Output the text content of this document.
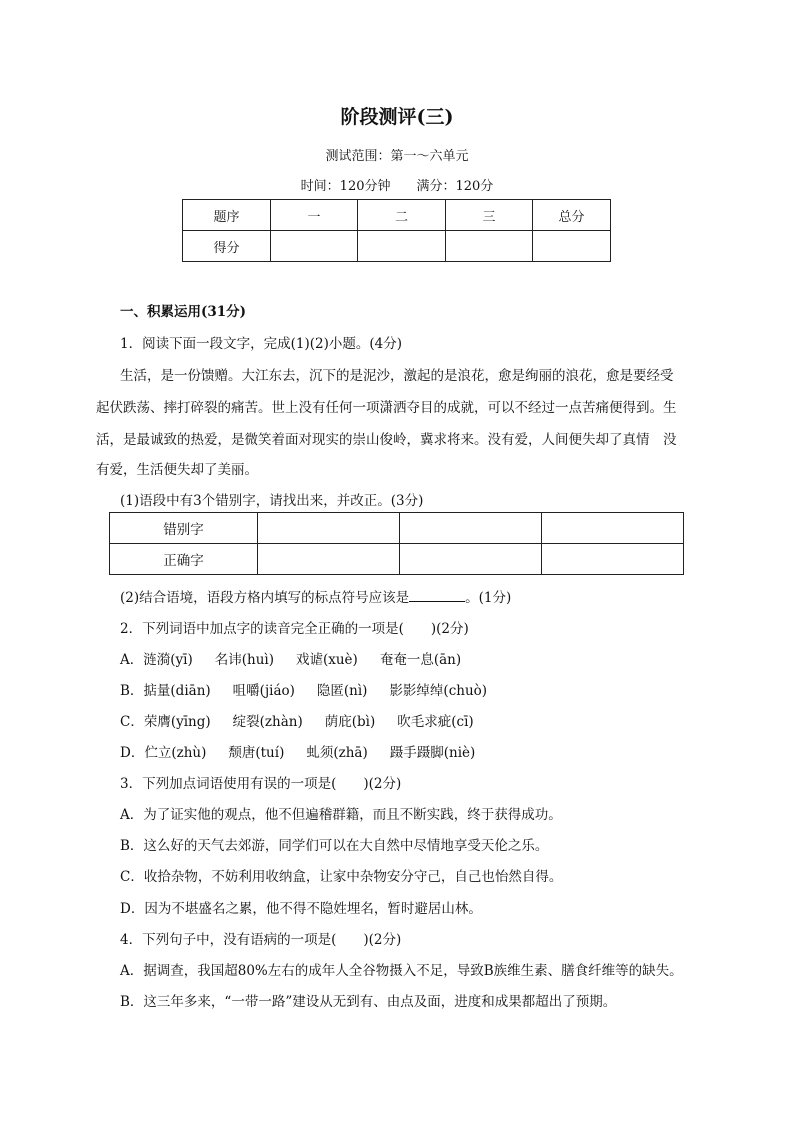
阶段测评(三)
测试范围：第一～六单元
时间：120分钟　　满分：120分
题序	一	二	三	总分
得分				
一、积累运用(31分)
1．阅读下面一段文字，完成(1)(2)小题。(4分)
生活，是一份馈赠。大江东去，沉下的是泥沙，激起的是浪花，愈是绚丽的浪花，愈是要经受
起伏跌荡、摔打碎裂的痛苦。世上没有任何一项潇洒夺目的成就，可以不经过一点苦痛便得到。生
活，是最诚致的热爱，是微笑着面对现实的崇山俊岭，冀求将来。没有爱，人间便失却了真情　没
有爱，生活便失却了美丽。
(1)语段中有3个错别字，请找出来，并改正。(3分)
错别字			
正确字			
(2)结合语境，语段方格内填写的标点符号应该是	。(1分)
2．下列词语中加点字的读音完全正确的一项是(　　)(2分)
A．涟漪(yī) 名讳(huì) 戏谑(xuè) 奄奄一息(ān)
B．掂量(diān) 咀嚼(jiáo) 隐匿(nì) 影影绰绰(chuò)
C．荣膺(yīng) 绽裂(zhàn) 荫庇(bì) 吹毛求疵(cī)
D．伫立(zhù) 颓唐(tuí) 虬须(zhā) 蹑手蹑脚(niè)
3．下列加点词语使用有误的一项是(　　)(2分)
A．为了证实他的观点，他不但遍稽群籍，而且不断实践，终于获得成功。
B．这么好的天气去郊游，同学们可以在大自然中尽情地享受天伦之乐。
C．收拾杂物，不妨利用收纳盒，让家中杂物安分守己，自己也怡然自得。
D．因为不堪盛名之累，他不得不隐姓埋名，暂时避居山林。
4．下列句子中，没有语病的一项是(　　)(2分)
A．据调查，我国超80%左右的成年人全谷物摄入不足，导致B族维生素、膳食纤维等的缺失。
B．这三年多来，“一带一路”建设从无到有、由点及面，进度和成果都超出了预期。
